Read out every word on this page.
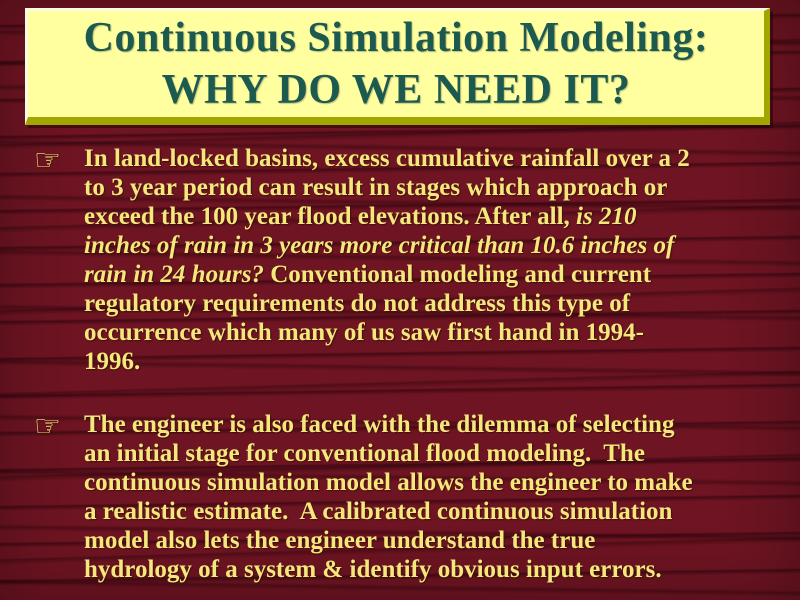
Continuous Simulation Modeling:
WHY DO WE NEED IT?
☞ In land-locked basins, excess cumulative rainfall over a 2
to 3 year period can result in stages which approach or
exceed the 100 year flood elevations. After all, is 210
inches of rain in 3 years more critical than 10.6 inches of
rain in 24 hours? Conventional modeling and current
regulatory requirements do not address this type of
occurrence which many of us saw first hand in 1994-
1996.
☞ The engineer is also faced with the dilemma of selecting
an initial stage for conventional flood modeling.  The
continuous simulation model allows the engineer to make
a realistic estimate.  A calibrated continuous simulation
model also lets the engineer understand the true
hydrology of a system & identify obvious input errors.
